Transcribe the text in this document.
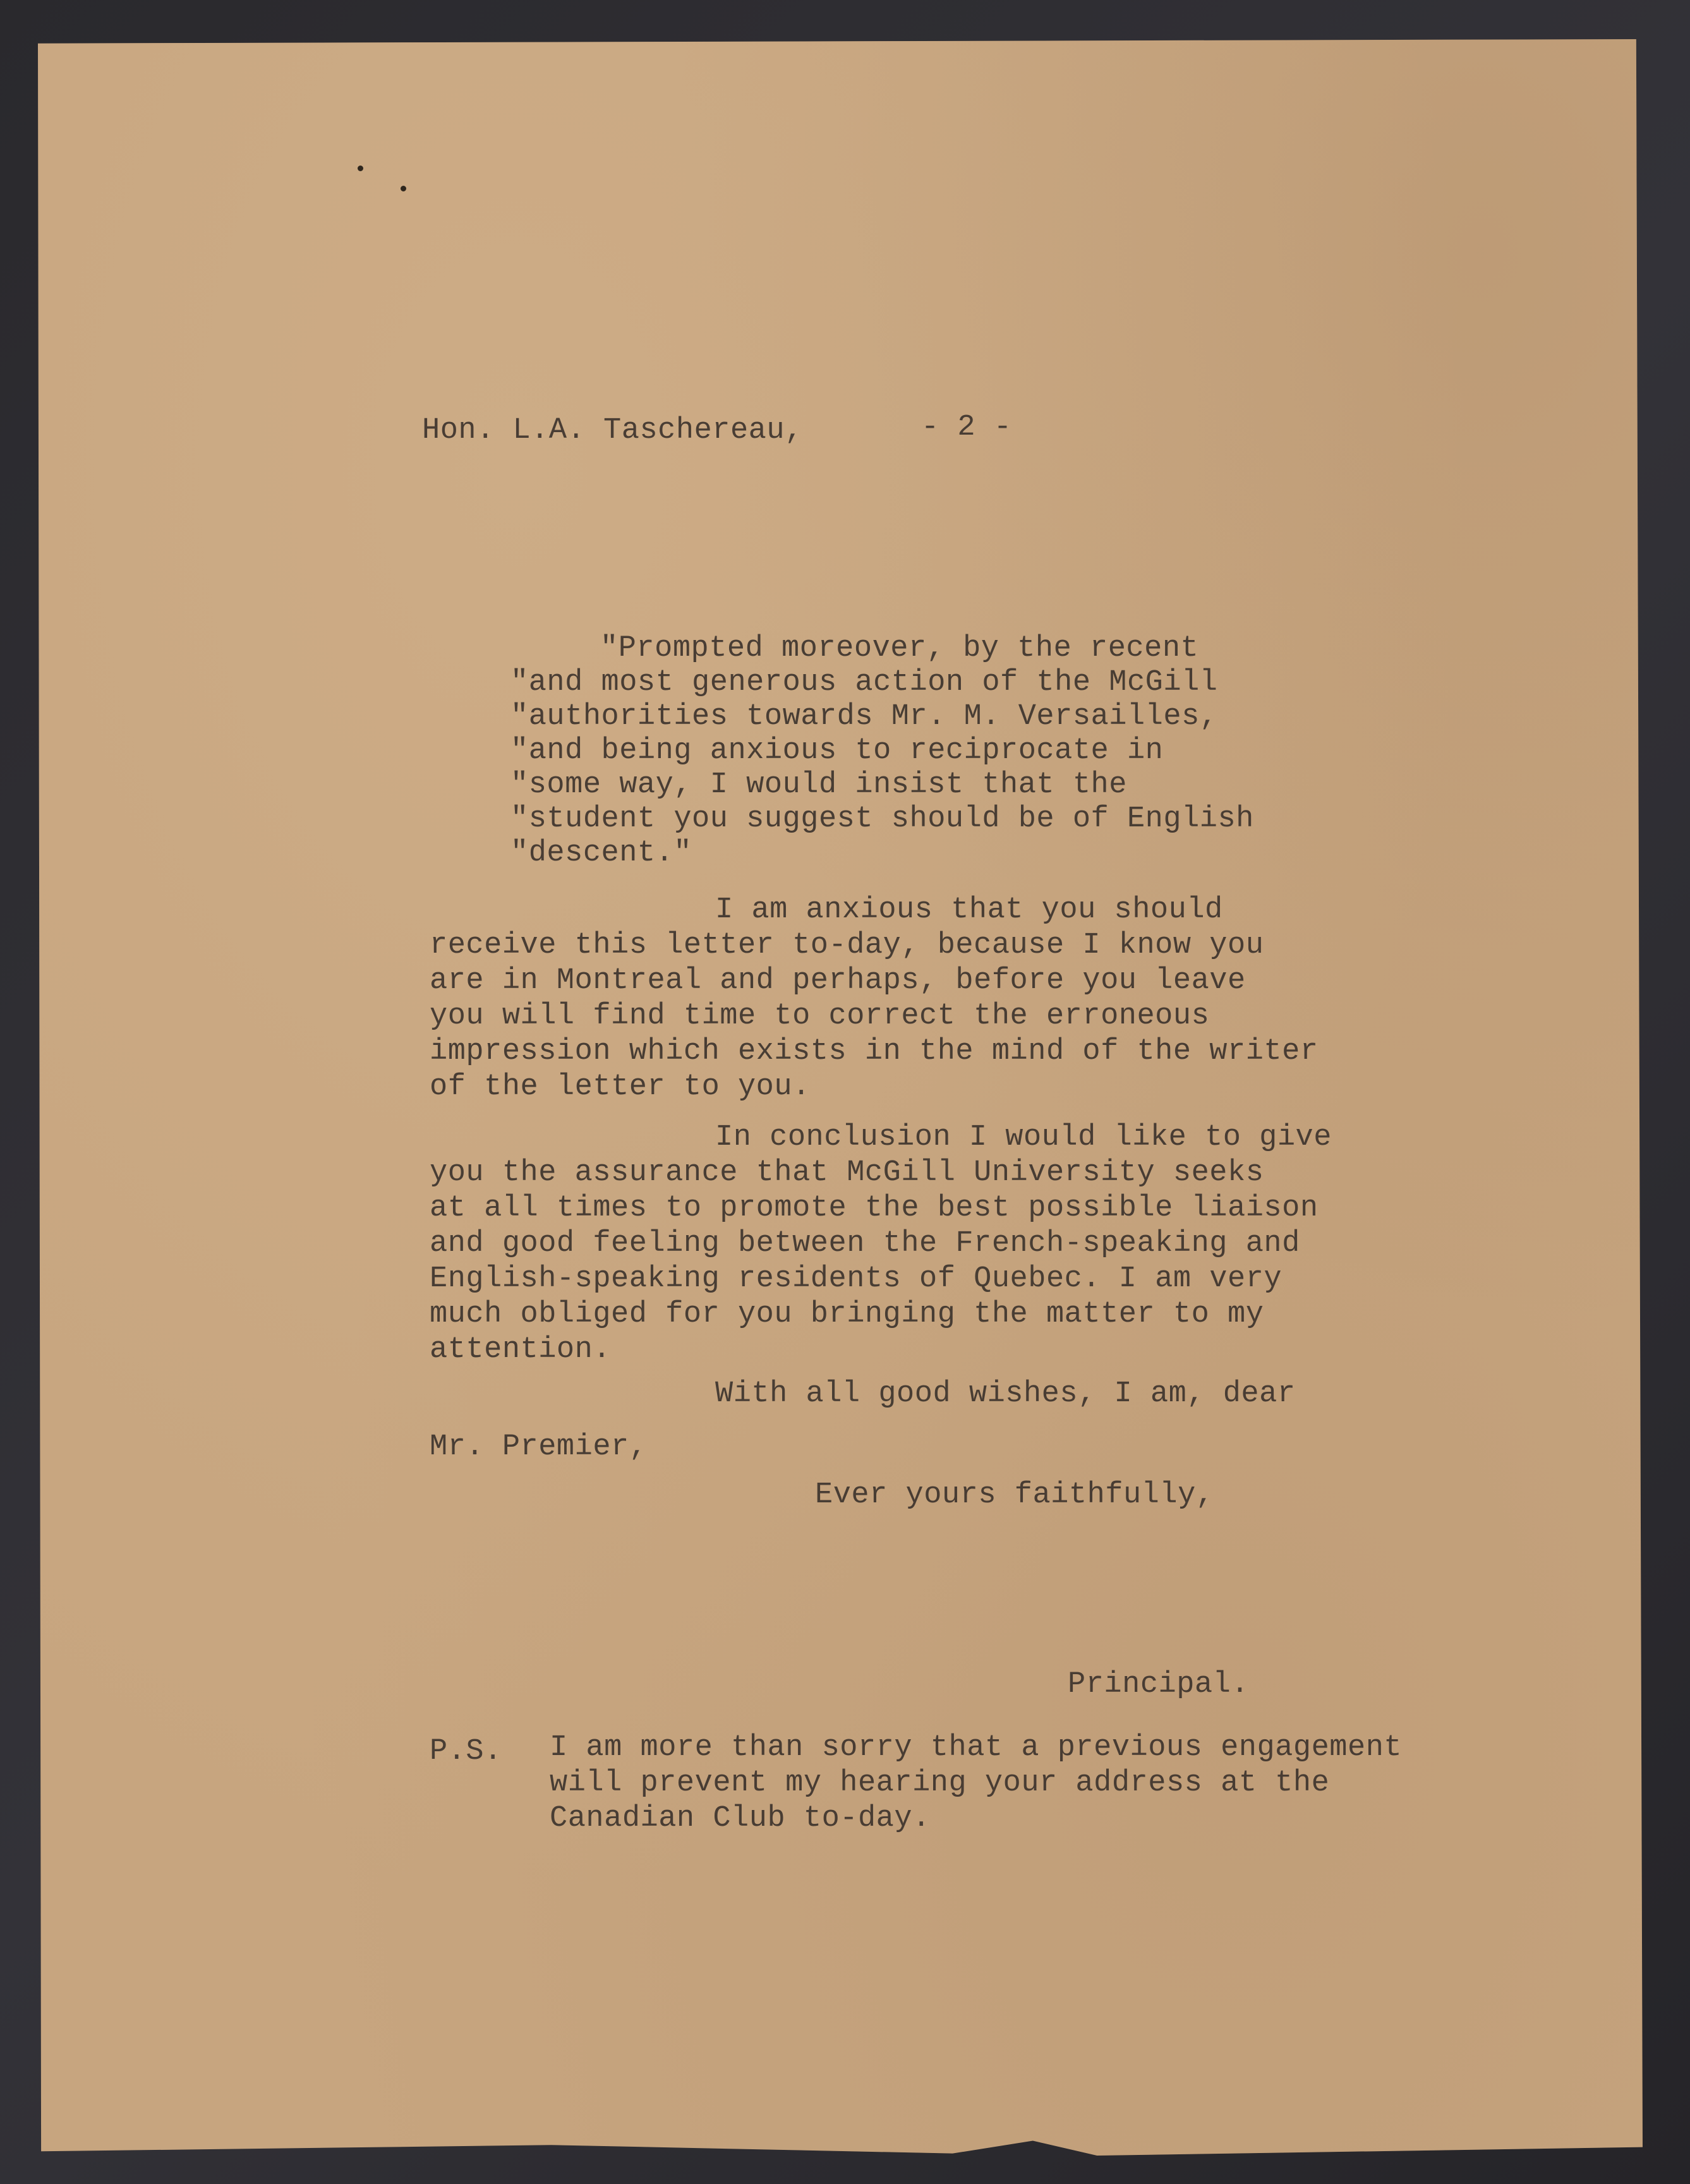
Hon. L.A. Taschereau,	- 2 -

"Prompted moreover, by the recent

"and most generous action of the McGill

"authorities towards Mr. M. Versailles,

"and being anxious to reciprocate in

"some way, I would insist that the

"student you suggest should be of English

"descent."

I am anxious that you should

receive this letter to-day, because I know you

are in Montreal and perhaps, before you leave

you will find time to correct the erroneous

impression which exists in the mind of the writer

of the letter to you.

In conclusion I would like to give

you the assurance that McGill University seeks

at all times to promote the best possible liaison

and good feeling between the French-speaking and

English-speaking residents of Quebec. I am very

much obliged for you bringing the matter to my

attention.

With all good wishes, I am, dear

Mr. Premier,

Ever yours faithfully,

Principal.

P.S. I am more than sorry that a previous engagement

will prevent my hearing your address at the

Canadian Club to-day.
